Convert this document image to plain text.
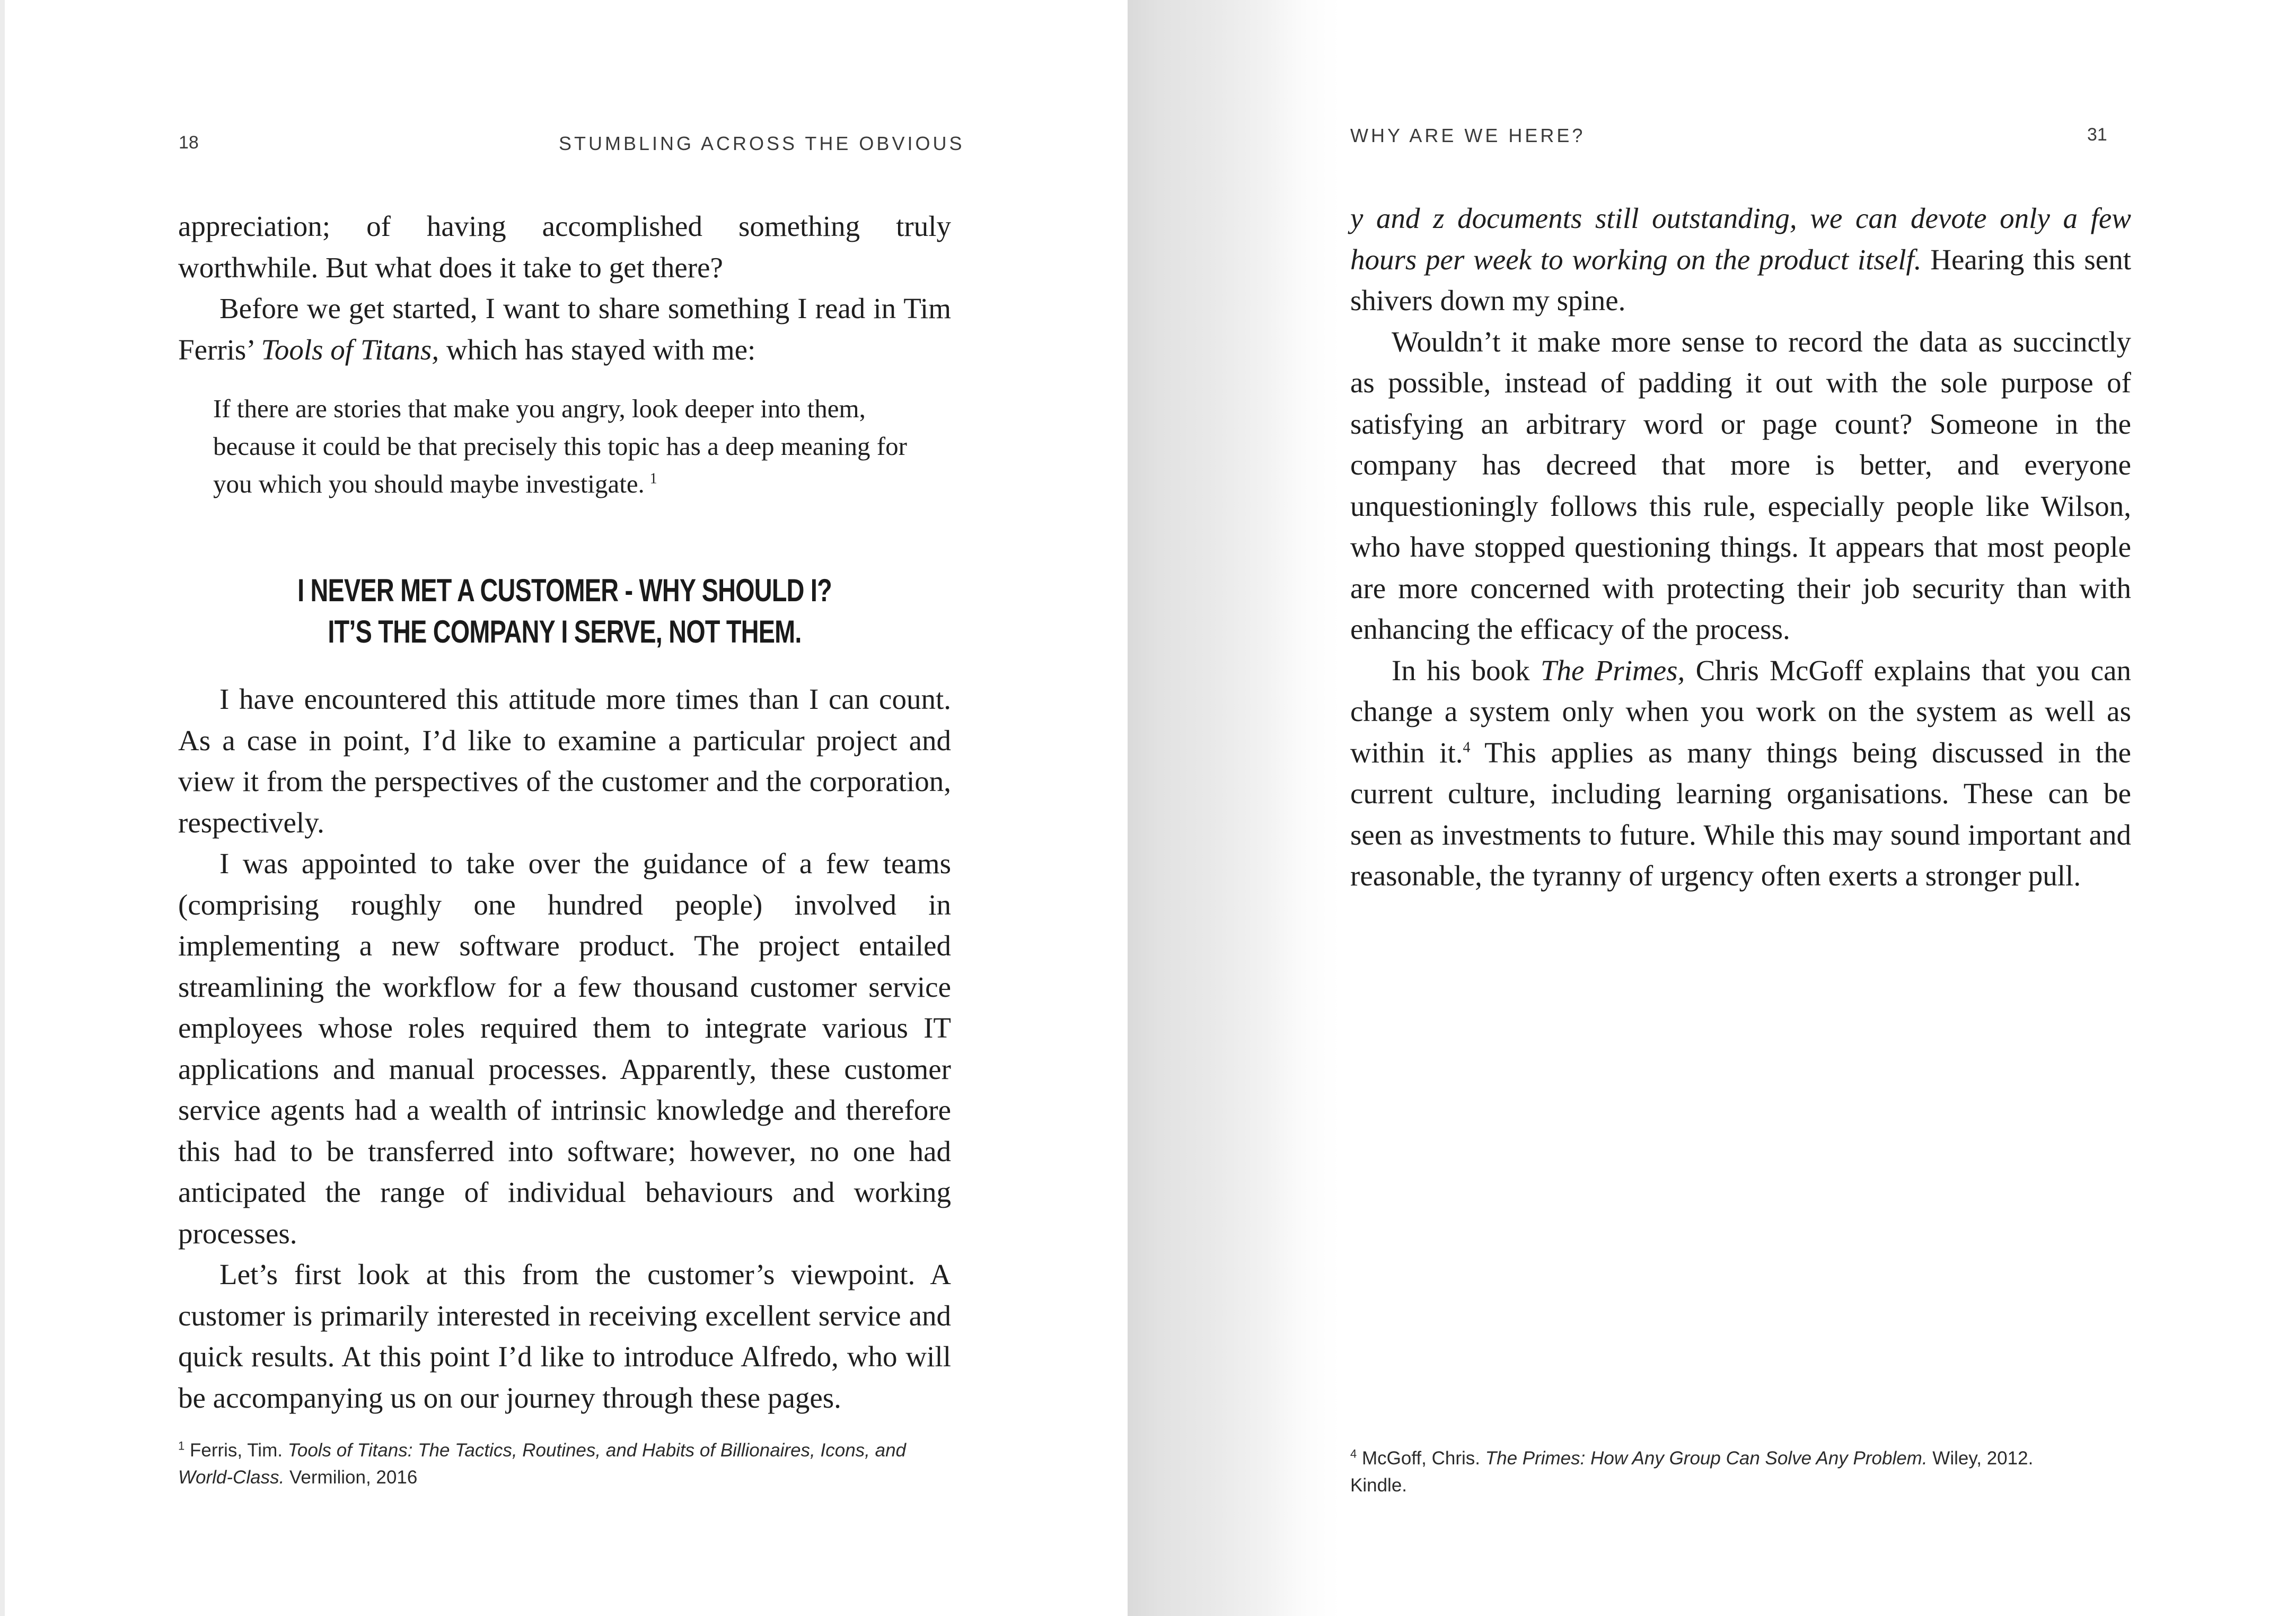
18	STUMBLING ACROSS THE OBVIOUS

appreciation; of having accomplished something truly worthwhile. But what does it take to get there?

Before we get started, I want to share something I read in Tim Ferris’ Tools of Titans, which has stayed with me:

If there are stories that make you angry, look deeper into them, because it could be that precisely this topic has a deep meaning for you which you should maybe investigate.  $^1$
I NEVER MET A CUSTOMER - WHY SHOULD I?
IT’S THE COMPANY I SERVE, NOT THEM.

I have encountered this attitude more times than I can count. As a case in point, I’d like to examine a particular project and view it from the perspectives of the customer and the corporation, respectively.

I was appointed to take over the guidance of a few teams (comprising roughly one hundred people) involved in implementing a new software product. The project entailed streamlining the workflow for a few thousand customer service employees whose roles required them to integrate various IT applications and manual processes. Apparently, these customer service agents had a wealth of intrinsic knowledge and therefore this had to be transferred into software; however, no one had anticipated the range of individual behaviours and working processes.

Let’s first look at this from the customer’s viewpoint. A customer is primarily interested in receiving excellent service and quick results. At this point I’d like to introduce Alfredo, who will be accompanying us on our journey through these pages.

$^1$ Ferris, Tim. Tools of Titans: The Tactics, Routines, and Habits of Billionaires, Icons, and World-Class. Vermilion, 2016
WHY ARE WE HERE?	31

y and z documents still outstanding, we can devote only a few hours per week to working on the product itself. Hearing this sent shivers down my spine.

Wouldn’t it make more sense to record the data as succinctly as possible, instead of padding it out with the sole purpose of satisfying an arbitrary word or page count? Someone in the company has decreed that more is better, and everyone unquestioningly follows this rule, especially people like Wilson, who have stopped questioning things. It appears that most people are more concerned with protecting their job security than with enhancing the efficacy of the process.

In his book The Primes, Chris McGoff explains that you can change a system only when you work on the system as well as within it.$^4$ This applies as many things being discussed in the current culture, including learning organisations. These can be seen as investments to future. While this may sound important and reasonable, the tyranny of urgency often exerts a stronger pull.

$^4$ McGoff, Chris. The Primes: How Any Group Can Solve Any Problem. Wiley, 2012. Kindle.
